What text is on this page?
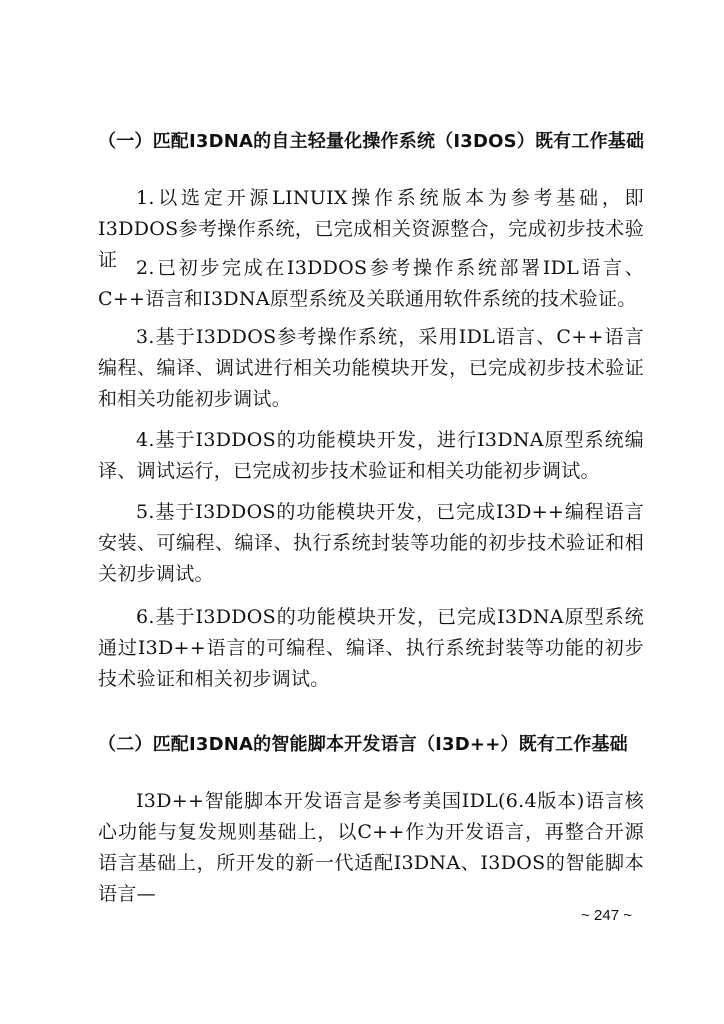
（一）匹配I3DNA的自主轻量化操作系统（I3DOS）既有工作基础

1.以选定开源LINUIX操作系统版本为参考基础，即I3DDOS参考操作系统，已完成相关资源整合，完成初步技术验证 2.已初步完成在I3DDOS参考操作系统部署IDL语言、C++语言和I3DNA原型系统及关联通用软件系统的技术验证。

3.基于I3DDOS参考操作系统，采用IDL语言、C++语言编程、编译、调试进行相关功能模块开发，已完成初步技术验证和相关功能初步调试。

4.基于I3DDOS的功能模块开发，进行I3DNA原型系统编译、调试运行，已完成初步技术验证和相关功能初步调试。

5.基于I3DDOS的功能模块开发，已完成I3D++编程语言安装、可编程、编译、执行系统封装等功能的初步技术验证和相关初步调试。

6.基于I3DDOS的功能模块开发，已完成I3DNA原型系统通过I3D++语言的可编程、编译、执行系统封装等功能的初步技术验证和相关初步调试。

（二）匹配I3DNA的智能脚本开发语言（I3D++）既有工作基础

I3D++智能脚本开发语言是参考美国IDL(6.4版本)语言核心功能与复发规则基础上，以C++作为开发语言，再整合开源语言基础上，所开发的新一代适配I3DNA、I3DOS的智能脚本语言—

~ 247 ~
